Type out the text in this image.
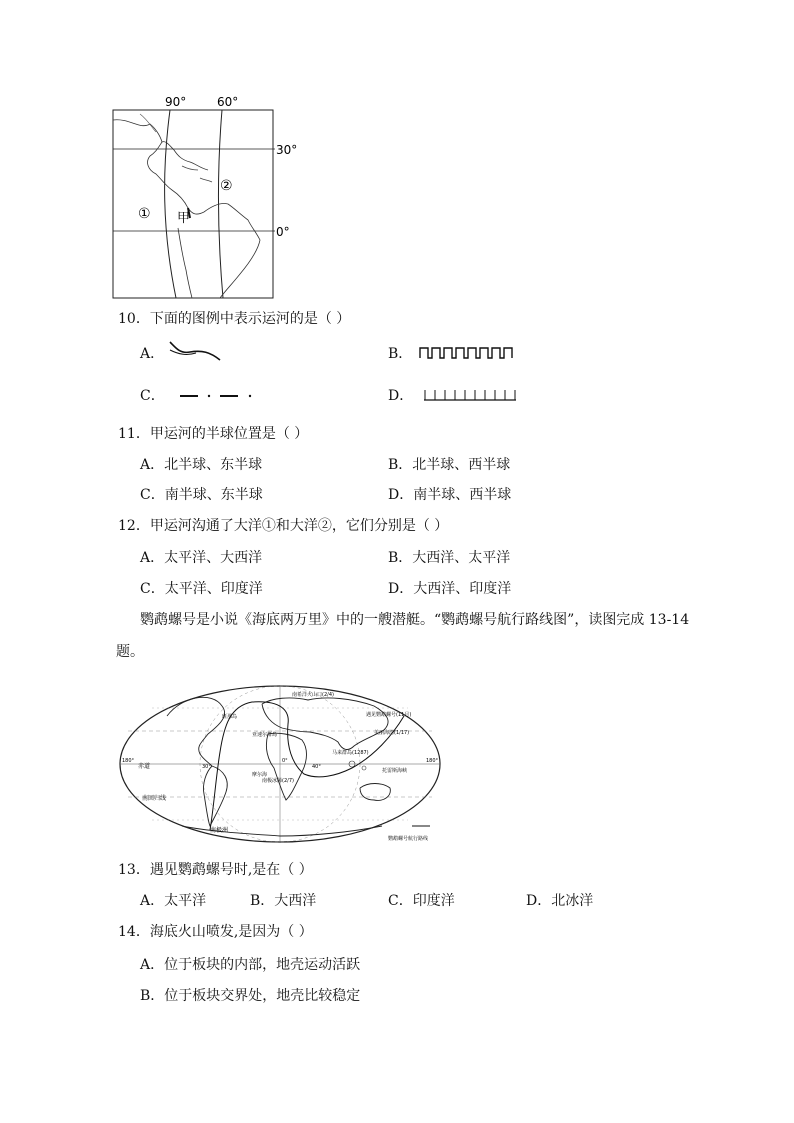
90°	60°
30°
0°
①
②
甲
10．下面的图例中表示运河的是（ ）
A．	B．
C．	D．
11．甲运河的半球位置是（ ）
A．北半球、东半球	B．北半球、西半球
C．南半球、东半球	D．南半球、西半球
12．甲运河沟通了大洋①和大洋②，它们分别是（ ）
A．太平洋、大西洋	B．大西洋、太平洋
C．太平洋、印度洋	D．大西洋、印度洋
鹦鹉螺号是小说《海底两万里》中的一艘潜艇。“鹦鹉螺号航行路线图”，读图完成 13-14
题。
180°	180°
赤道
南回归线
0°
30°	40°
南希洋火山口(2/4)
亚速尔群岛
遇见鹦鹉螺号(11月)
美丽海湾(1/17)
马来群岛(1287)
托雷斯海峡
南极冰障(2/7)
摩尔海
班那岛
南极洲
鹦鹉螺号航行路线
13．遇见鹦鹉螺号时,是在（ ）
A．太平洋	B．大西洋	C．印度洋	D．北冰洋
14．海底火山喷发,是因为（ ）
A．位于板块的内部，地壳运动活跃
B．位于板块交界处，地壳比较稳定
